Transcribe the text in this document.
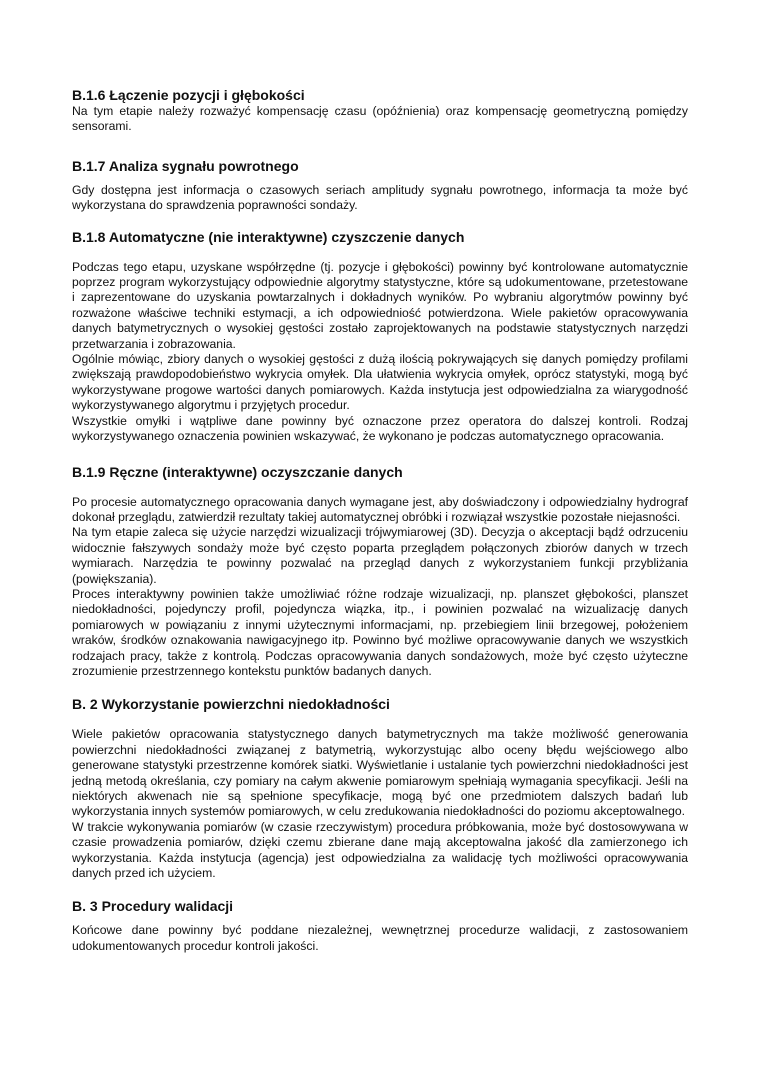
B.1.6 Łączenie pozycji i głębokości

Na tym etapie należy rozważyć kompensację czasu (opóźnienia) oraz kompensację geometryczną pomiędzy sensorami.

B.1.7 Analiza sygnału powrotnego

Gdy dostępna jest informacja o czasowych seriach amplitudy sygnału powrotnego, informacja ta może być wykorzystana do sprawdzenia poprawności sondaży.

B.1.8 Automatyczne (nie interaktywne) czyszczenie danych

Podczas tego etapu, uzyskane współrzędne (tj. pozycje i głębokości) powinny być kontrolowane automatycznie poprzez program wykorzystujący odpowiednie algorytmy statystyczne, które są udokumentowane, przetestowane i zaprezentowane do uzyskania powtarzalnych i dokładnych wyników. Po wybraniu algorytmów powinny być rozważone właściwe techniki estymacji, a ich odpowiedniość potwierdzona. Wiele pakietów opracowywania danych batymetrycznych o wysokiej gęstości zostało zaprojektowanych na podstawie statystycznych narzędzi przetwarzania i zobrazowania.

Ogólnie mówiąc, zbiory danych o wysokiej gęstości z dużą ilością pokrywających się danych pomiędzy profilami zwiększają prawdopodobieństwo wykrycia omyłek. Dla ułatwienia wykrycia omyłek, oprócz statystyki, mogą być wykorzystywane progowe wartości danych pomiarowych. Każda instytucja jest odpowiedzialna za wiarygodność wykorzystywanego algorytmu i przyjętych procedur.

Wszystkie omyłki i wątpliwe dane powinny być oznaczone przez operatora do dalszej kontroli. Rodzaj wykorzystywanego oznaczenia powinien wskazywać, że wykonano je podczas automatycznego opracowania.

B.1.9 Ręczne (interaktywne) oczyszczanie danych

Po procesie automatycznego opracowania danych wymagane jest, aby doświadczony i odpowiedzialny hydrograf dokonał przeglądu, zatwierdził rezultaty takiej automatycznej obróbki i rozwiązał wszystkie pozostałe niejasności.

Na tym etapie zaleca się użycie narzędzi wizualizacji trójwymiarowej (3D). Decyzja o akceptacji bądź odrzuceniu widocznie fałszywych sondaży może być często poparta przeglądem połączonych zbiorów danych w trzech wymiarach. Narzędzia te powinny pozwalać na przegląd danych z wykorzystaniem funkcji przybliżania (powiększania).

Proces interaktywny powinien także umożliwiać różne rodzaje wizualizacji, np. planszet głębokości, planszet niedokładności, pojedynczy profil, pojedyncza wiązka, itp., i powinien pozwalać na wizualizację danych pomiarowych w powiązaniu z innymi użytecznymi informacjami, np. przebiegiem linii brzegowej, położeniem wraków, środków oznakowania nawigacyjnego itp. Powinno być możliwe opracowywanie danych we wszystkich rodzajach pracy, także z kontrolą. Podczas opracowywania danych sondażowych, może być często użyteczne zrozumienie przestrzennego kontekstu punktów badanych danych.

B. 2 Wykorzystanie powierzchni niedokładności

Wiele pakietów opracowania statystycznego danych batymetrycznych ma także możliwość generowania powierzchni niedokładności związanej z batymetrią, wykorzystując albo oceny błędu wejściowego albo generowane statystyki przestrzenne komórek siatki. Wyświetlanie i ustalanie tych powierzchni niedokładności jest jedną metodą określania, czy pomiary na całym akwenie pomiarowym spełniają wymagania specyfikacji. Jeśli na niektórych akwenach nie są spełnione specyfikacje, mogą być one przedmiotem dalszych badań lub wykorzystania innych systemów pomiarowych, w celu zredukowania niedokładności do poziomu akceptowalnego.

W trakcie wykonywania pomiarów (w czasie rzeczywistym) procedura próbkowania, może być dostosowywana w czasie prowadzenia pomiarów, dzięki czemu zbierane dane mają akceptowalna jakość dla zamierzonego ich wykorzystania. Każda instytucja (agencja) jest odpowiedzialna za walidację tych możliwości opracowywania danych przed ich użyciem.

B. 3 Procedury walidacji

Końcowe dane powinny być poddane niezależnej, wewnętrznej procedurze walidacji, z zastosowaniem udokumentowanych procedur kontroli jakości.
